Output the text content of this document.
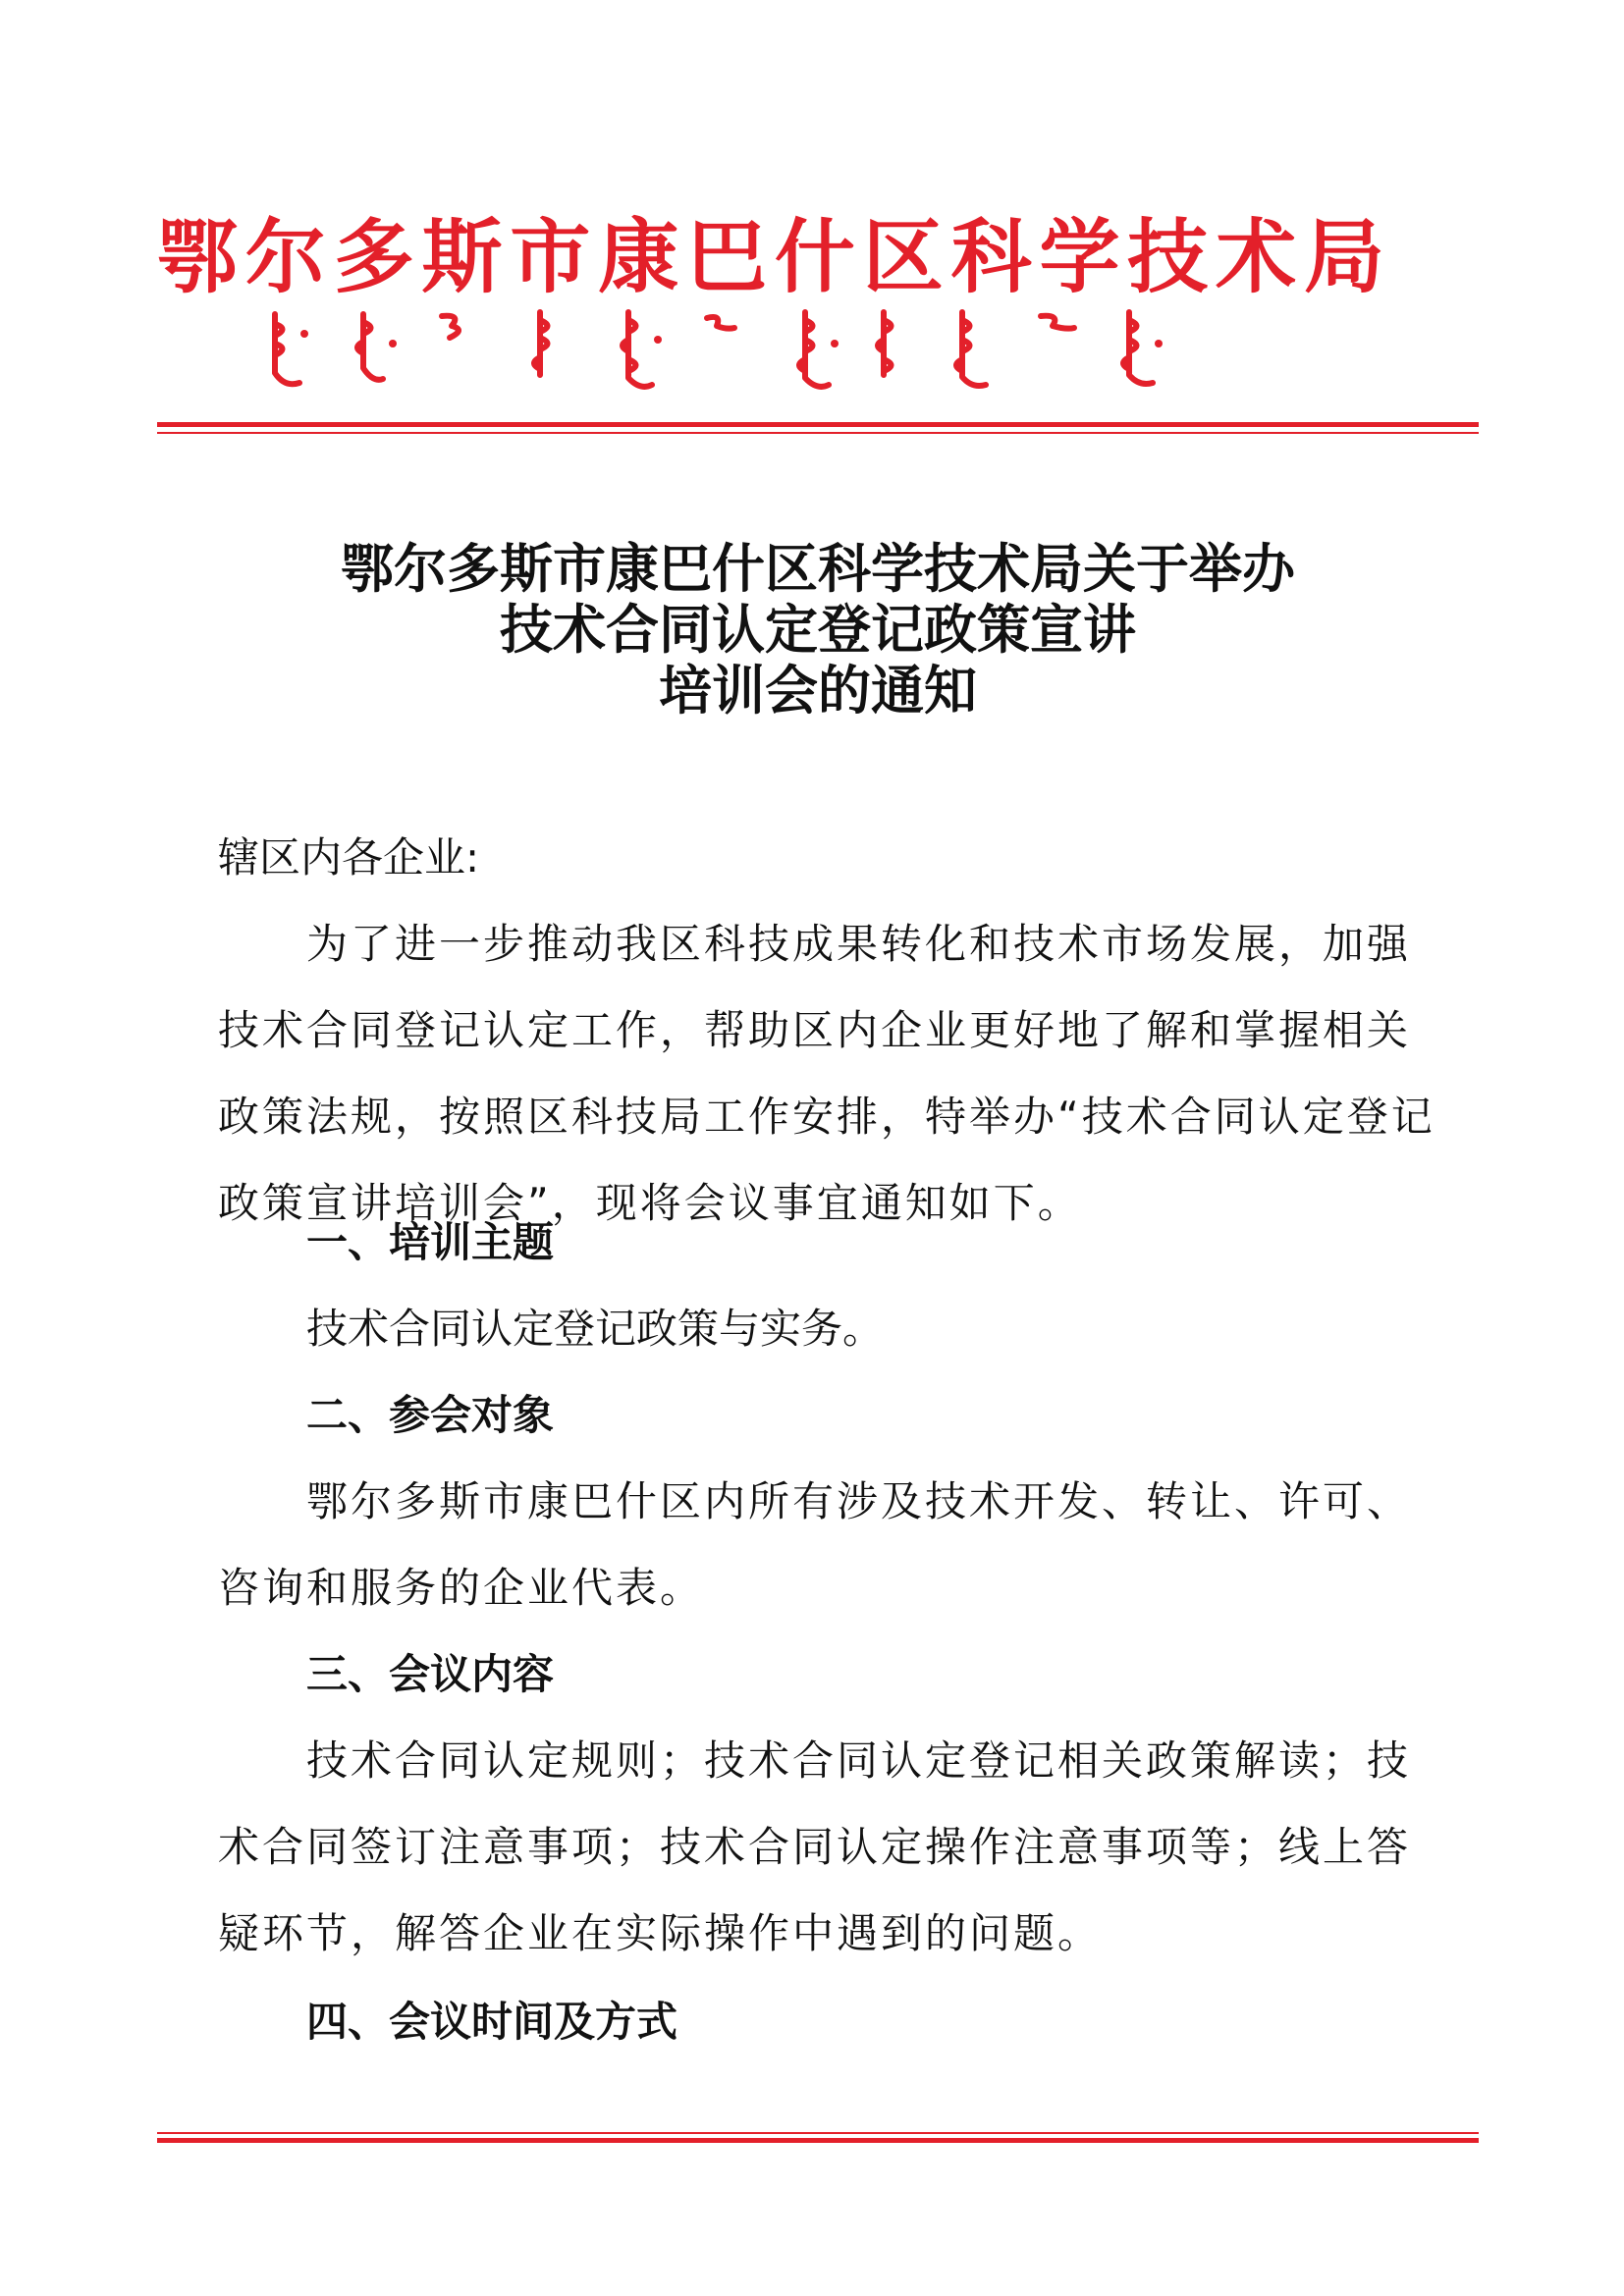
鄂尔多斯市康巴什区科学技术局
鄂尔多斯市康巴什区科学技术局关于举办
技术合同认定登记政策宣讲
培训会的通知
辖区内各企业:
为了进一步推动我区科技成果转化和技术市场发展，加强技术合同登记认定工作，帮助区内企业更好地了解和掌握相关政策法规，按照区科技局工作安排，特举办“技术合同认定登记政策宣讲培训会”，现将会议事宜通知如下。
一、培训主题
技术合同认定登记政策与实务。
二、参会对象
鄂尔多斯市康巴什区内所有涉及技术开发、转让、许可、咨询和服务的企业代表。
三、会议内容
技术合同认定规则；技术合同认定登记相关政策解读；技术合同签订注意事项；技术合同认定操作注意事项等；线上答疑环节，解答企业在实际操作中遇到的问题。
四、会议时间及方式
